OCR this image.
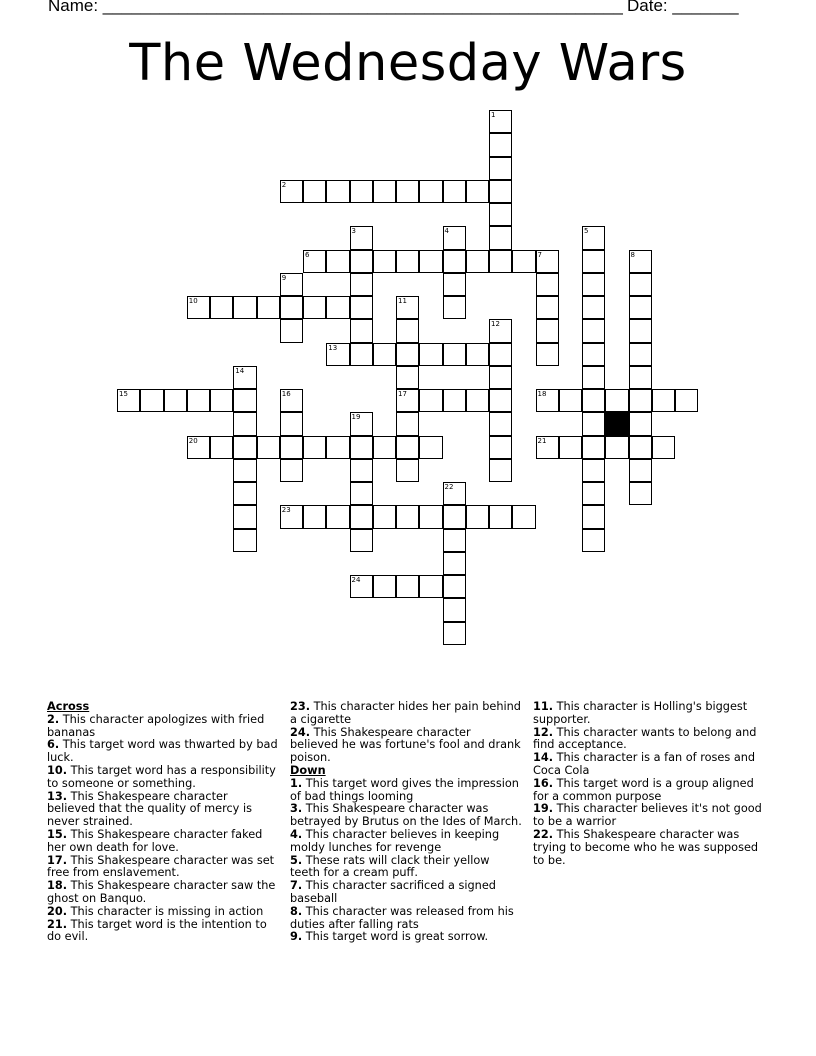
Name: _______________________________________________________ Date: _______
The Wednesday Wars
1
2
3	4	5
6	7	8
9
10	11
17
12
13
14
15	16	18
19
20	21
22
23
24
Across
2. This character apologizes with fried bananas
6. This target word was thwarted by bad luck.
10. This target word has a responsibility to someone or something.
13. This Shakespeare character believed that the quality of mercy is never strained.
15. This Shakespeare character faked her own death for love.
17. This Shakespeare character was set free from enslavement.
18. This Shakespeare character saw the ghost on Banquo.
20. This character is missing in action
21. This target word is the intention to do evil.
23. This character hides her pain behind a cigarette
24. This Shakespeare character believed he was fortune's fool and drank poison.
Down
1. This target word gives the impression of bad things looming
3. This Shakespeare character was betrayed by Brutus on the Ides of March.
4. This character believes in keeping moldy lunches for revenge
5. These rats will clack their yellow teeth for a cream puff.
7. This character sacrificed a signed baseball
8. This character was released from his duties after falling rats
9. This target word is great sorrow.
11. This character is Holling's biggest supporter.
12. This character wants to belong and find acceptance.
14. This character is a fan of roses and Coca Cola
16. This target word is a group aligned for a common purpose
19. This character believes it's not good to be a warrior
22. This Shakespeare character was trying to become who he was supposed to be.
